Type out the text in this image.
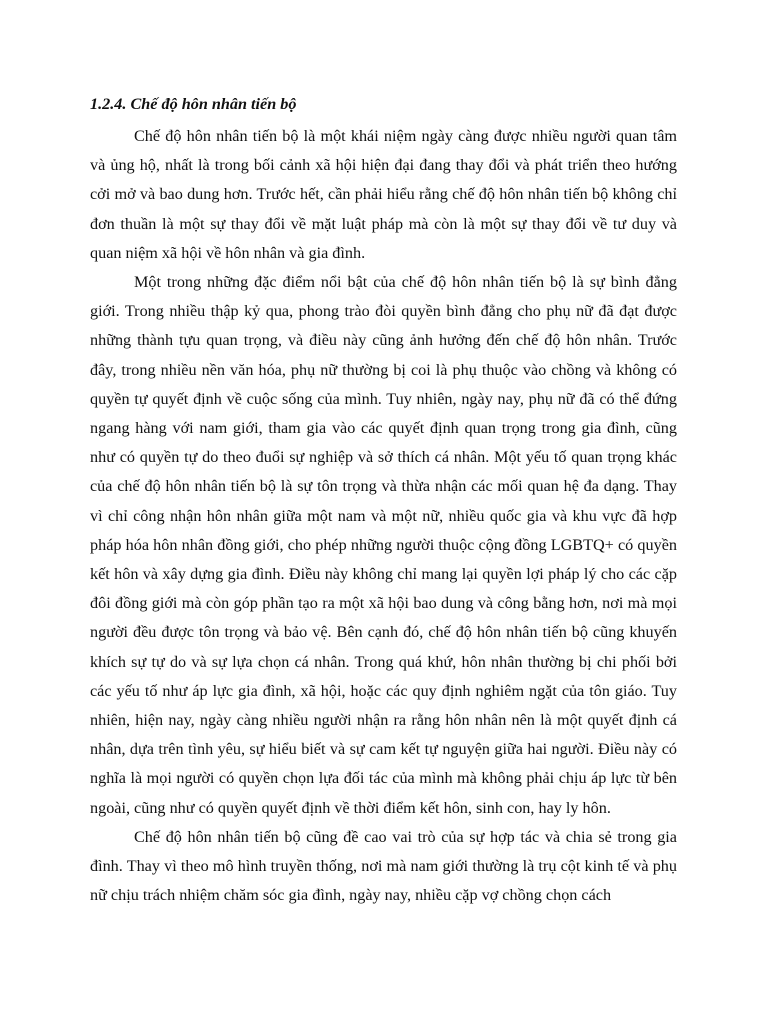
1.2.4. Chế độ hôn nhân tiến bộ

Chế độ hôn nhân tiến bộ là một khái niệm ngày càng được nhiều người quan tâm và ủng hộ, nhất là trong bối cảnh xã hội hiện đại đang thay đổi và phát triển theo hướng cởi mở và bao dung hơn. Trước hết, cần phải hiểu rằng chế độ hôn nhân tiến bộ không chỉ đơn thuần là một sự thay đổi về mặt luật pháp mà còn là một sự thay đổi về tư duy và quan niệm xã hội về hôn nhân và gia đình.

Một trong những đặc điểm nổi bật của chế độ hôn nhân tiến bộ là sự bình đẳng giới. Trong nhiều thập kỷ qua, phong trào đòi quyền bình đẳng cho phụ nữ đã đạt được những thành tựu quan trọng, và điều này cũng ảnh hưởng đến chế độ hôn nhân. Trước đây, trong nhiều nền văn hóa, phụ nữ thường bị coi là phụ thuộc vào chồng và không có quyền tự quyết định về cuộc sống của mình. Tuy nhiên, ngày nay, phụ nữ đã có thể đứng ngang hàng với nam giới, tham gia vào các quyết định quan trọng trong gia đình, cũng như có quyền tự do theo đuổi sự nghiệp và sở thích cá nhân. Một yếu tố quan trọng khác của chế độ hôn nhân tiến bộ là sự tôn trọng và thừa nhận các mối quan hệ đa dạng. Thay vì chỉ công nhận hôn nhân giữa một nam và một nữ, nhiều quốc gia và khu vực đã hợp pháp hóa hôn nhân đồng giới, cho phép những người thuộc cộng đồng LGBTQ+ có quyền kết hôn và xây dựng gia đình. Điều này không chỉ mang lại quyền lợi pháp lý cho các cặp đôi đồng giới mà còn góp phần tạo ra một xã hội bao dung và công bằng hơn, nơi mà mọi người đều được tôn trọng và bảo vệ. Bên cạnh đó, chế độ hôn nhân tiến bộ cũng khuyến khích sự tự do và sự lựa chọn cá nhân. Trong quá khứ, hôn nhân thường bị chi phối bởi các yếu tố như áp lực gia đình, xã hội, hoặc các quy định nghiêm ngặt của tôn giáo. Tuy nhiên, hiện nay, ngày càng nhiều người nhận ra rằng hôn nhân nên là một quyết định cá nhân, dựa trên tình yêu, sự hiểu biết và sự cam kết tự nguyện giữa hai người. Điều này có nghĩa là mọi người có quyền chọn lựa đối tác của mình mà không phải chịu áp lực từ bên ngoài, cũng như có quyền quyết định về thời điểm kết hôn, sinh con, hay ly hôn.

Chế độ hôn nhân tiến bộ cũng đề cao vai trò của sự hợp tác và chia sẻ trong gia đình. Thay vì theo mô hình truyền thống, nơi mà nam giới thường là trụ cột kinh tế và phụ nữ chịu trách nhiệm chăm sóc gia đình, ngày nay, nhiều cặp vợ chồng chọn cách
